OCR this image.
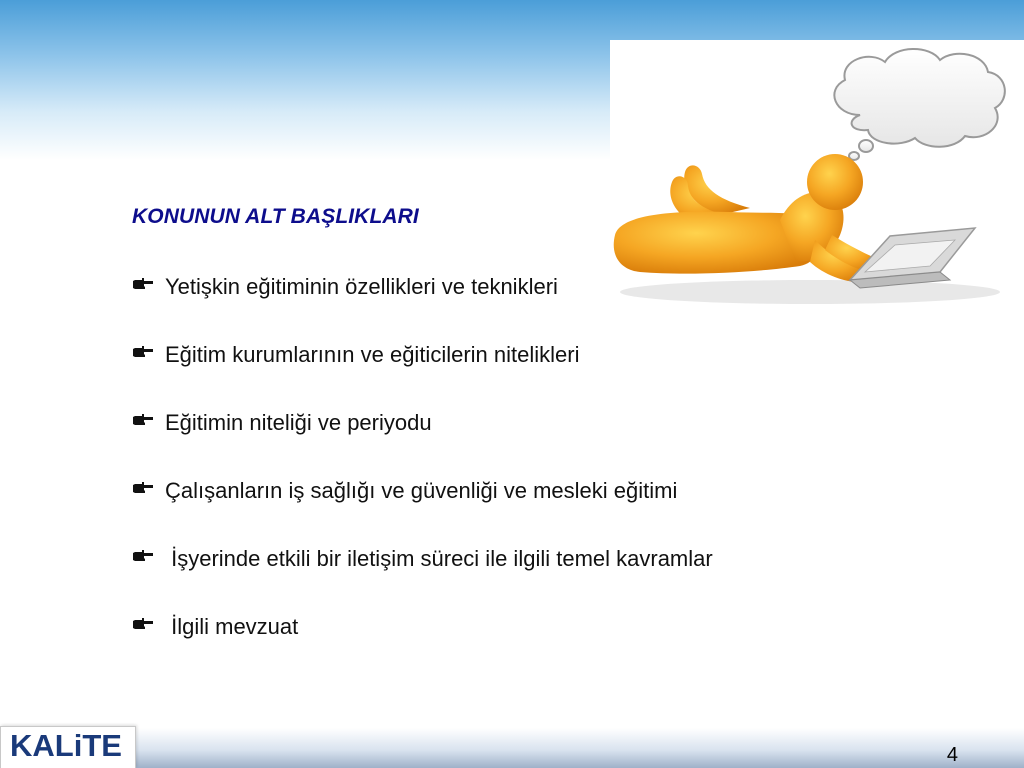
KONUNUN ALT BAŞLIKLARI
Yetişkin eğitiminin özellikleri ve teknikleri
Eğitim kurumlarının ve eğiticilerin nitelikleri
Eğitimin niteliği ve periyodu
Çalışanların iş sağlığı ve güvenliği ve mesleki eğitimi
İşyerinde etkili bir iletişim süreci ile ilgili temel kavramlar
İlgili mevzuat
KALiTE	4
